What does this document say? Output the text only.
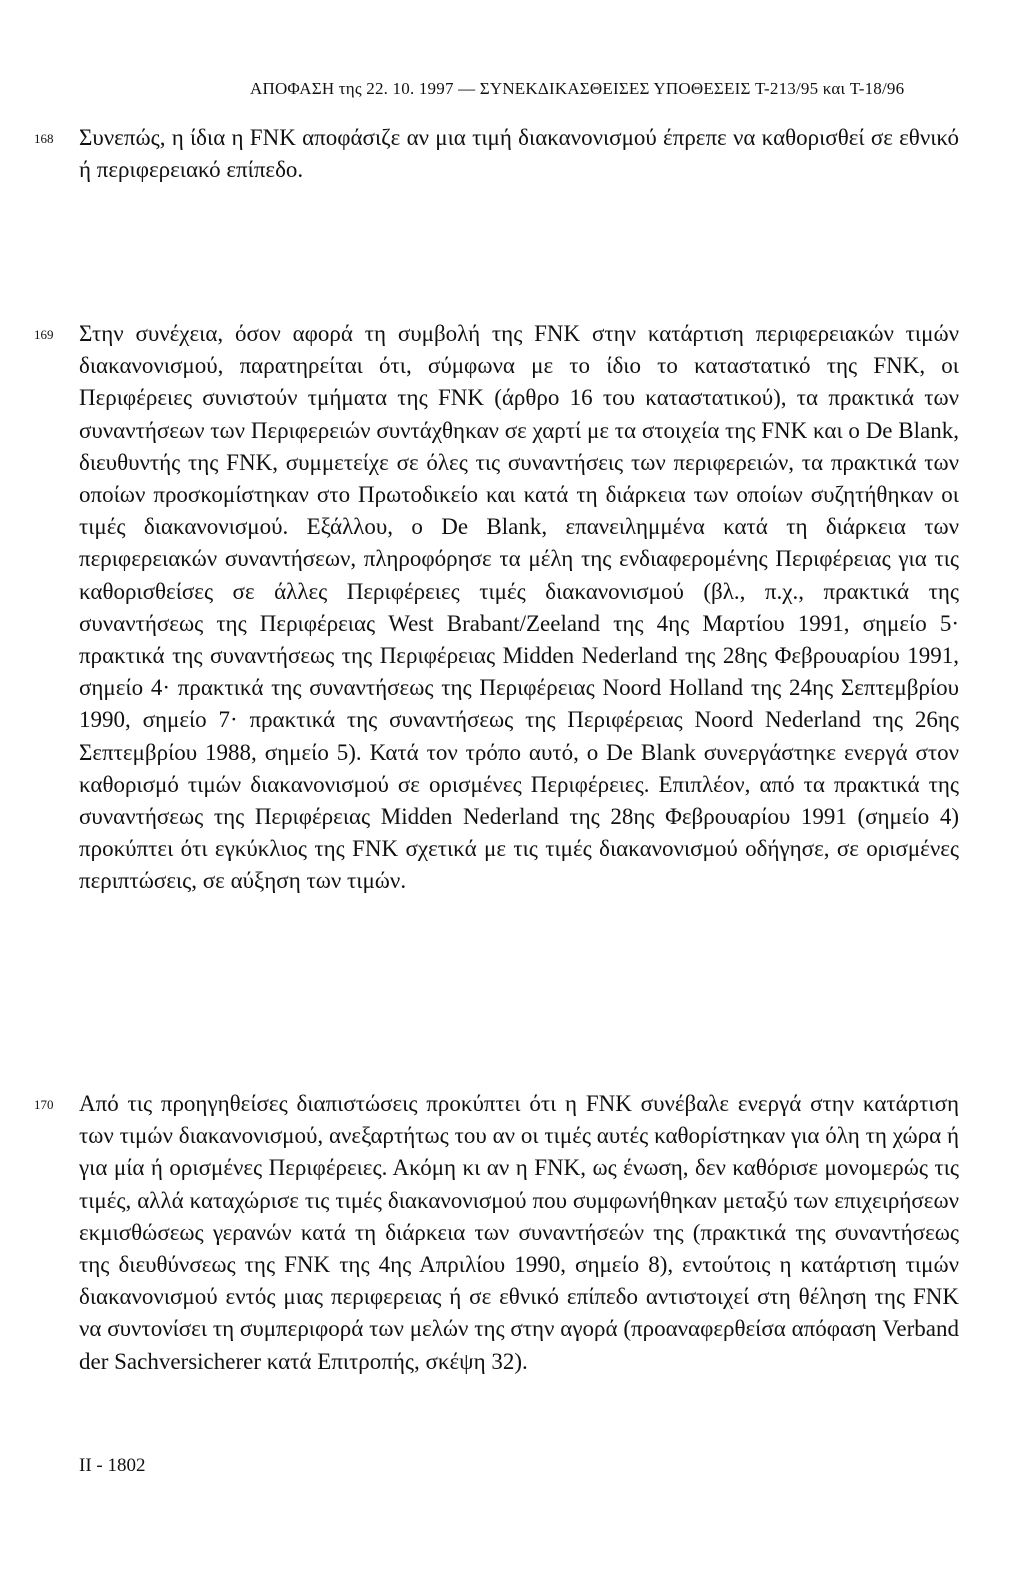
ΑΠΟΦΑΣΗ της 22. 10. 1997 — ΣΥΝΕΚΔΙΚΑΣΘΕΙΣΕΣ ΥΠΟΘΕΣΕΙΣ T-213/95 και T-18/96
168 Συνεπώς, η ίδια η FNK αποφάσιζε αν μια τιμή διακανονισμού έπρεπε να καθορισθεί σε εθνικό ή περιφερειακό επίπεδο.
169 Στην συνέχεια, όσον αφορά τη συμβολή της FNK στην κατάρτιση περιφερειακών τιμών διακανονισμού, παρατηρείται ότι, σύμφωνα με το ίδιο το καταστατικό της FNK, οι Περιφέρειες συνιστούν τμήματα της FNK (άρθρο 16 του καταστατικού), τα πρακτικά των συναντήσεων των Περιφερειών συντάχθηκαν σε χαρτί με τα στοιχεία της FNK και ο De Blank, διευθυντής της FNK, συμμετείχε σε όλες τις συναντήσεις των περιφερειών, τα πρακτικά των οποίων προσκομίστηκαν στο Πρωτοδικείο και κατά τη διάρκεια των οποίων συζητήθηκαν οι τιμές διακανονισμού. Εξάλλου, ο De Blank, επανειλημμένα κατά τη διάρκεια των περιφερειακών συναντήσεων, πληροφόρησε τα μέλη της ενδιαφερομένης Περιφέρειας για τις καθορισθείσες σε άλλες Περιφέρειες τιμές διακανονισμού (βλ., π.χ., πρακτικά της συναντήσεως της Περιφέρειας West Brabant/Zeeland της 4ης Μαρτίου 1991, σημείο 5· πρακτικά της συναντήσεως της Περιφέρειας Midden Nederland της 28ης Φεβρουαρίου 1991, σημείο 4· πρακτικά της συναντήσεως της Περιφέρειας Noord Holland της 24ης Σεπτεμβρίου 1990, σημείο 7· πρακτικά της συναντήσεως της Περιφέρειας Noord Nederland της 26ης Σεπτεμβρίου 1988, σημείο 5). Κατά τον τρόπο αυτό, ο De Blank συνεργάστηκε ενεργά στον καθορισμό τιμών διακανονισμού σε ορισμένες Περιφέρειες. Επιπλέον, από τα πρακτικά της συναντήσεως της Περιφέρειας Midden Nederland της 28ης Φεβρουαρίου 1991 (σημείο 4) προκύπτει ότι εγκύκλιος της FNK σχετικά με τις τιμές διακανονισμού οδήγησε, σε ορισμένες περιπτώσεις, σε αύξηση των τιμών.
170 Από τις προηγηθείσες διαπιστώσεις προκύπτει ότι η FNK συνέβαλε ενεργά στην κατάρτιση των τιμών διακανονισμού, ανεξαρτήτως του αν οι τιμές αυτές καθορίστηκαν για όλη τη χώρα ή για μία ή ορισμένες Περιφέρειες. Ακόμη κι αν η FNK, ως ένωση, δεν καθόρισε μονομερώς τις τιμές, αλλά καταχώρισε τις τιμές διακανονισμού που συμφωνήθηκαν μεταξύ των επιχειρήσεων εκμισθώσεως γερανών κατά τη διάρκεια των συναντήσεών της (πρακτικά της συναντήσεως της διευθύνσεως της FNK της 4ης Απριλίου 1990, σημείο 8), εντούτοις η κατάρτιση τιμών διακανονισμού εντός μιας περιφερειας ή σε εθνικό επίπεδο αντιστοιχεί στη θέληση της FNK να συντονίσει τη συμπεριφορά των μελών της στην αγορά (προαναφερθείσα απόφαση Verband der Sachversicherer κατά Επιτροπής, σκέψη 32).
II - 1802
